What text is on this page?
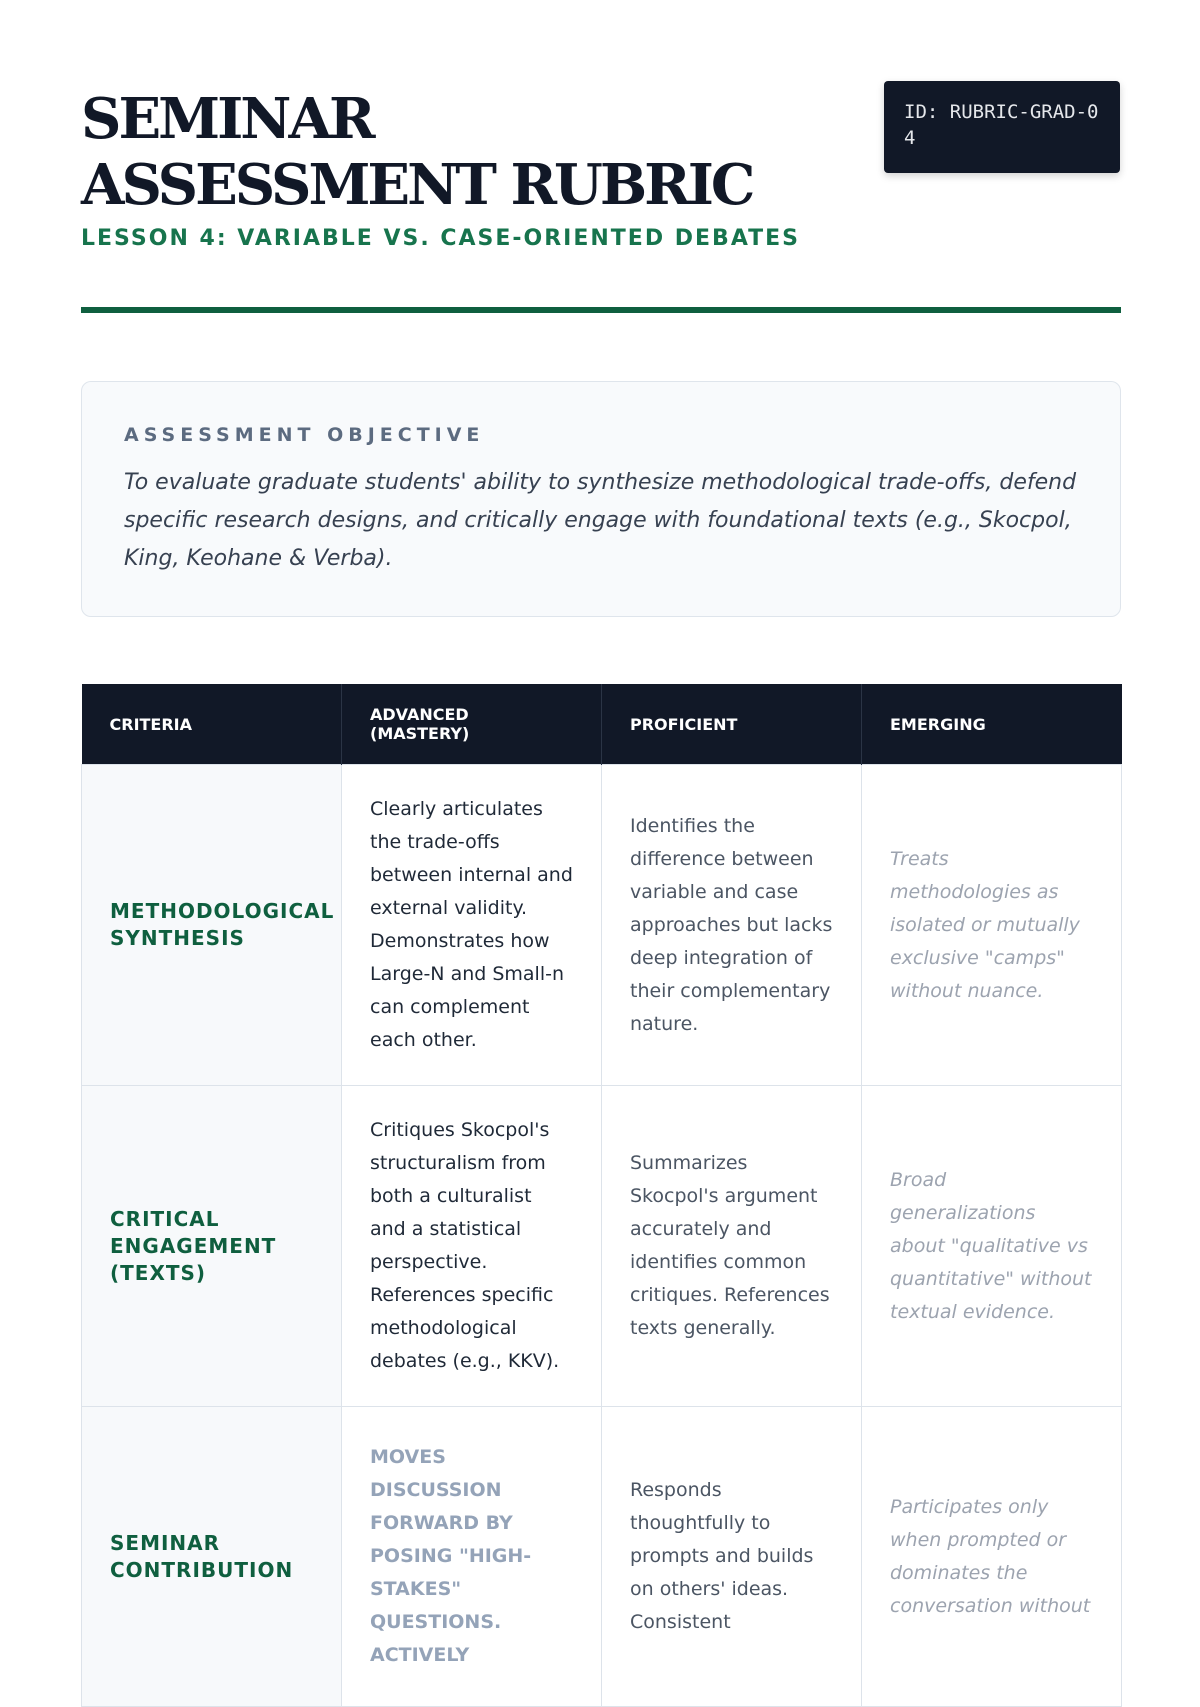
SEMINAR ASSESSMENT RUBRIC
LESSON 4: VARIABLE VS. CASE-ORIENTED DEBATES
ID: RUBRIC-GRAD-04
ASSESSMENT OBJECTIVE
To evaluate graduate students' ability to synthesize methodological trade-offs, defend specific research designs, and critically engage with foundational texts (e.g., Skocpol, King, Keohane & Verba).
CRITERIA	ADVANCED (MASTERY)	PROFICIENT	EMERGING
METHODOLOGICAL SYNTHESIS	Clearly articulates the trade-offs between internal and external validity. Demonstrates how Large-N and Small-n can complement each other.	Identifies the difference between variable and case approaches but lacks deep integration of their complementary nature.	Treats methodologies as isolated or mutually exclusive "camps" without nuance.
CRITICAL ENGAGEMENT (TEXTS)	Critiques Skocpol's structuralism from both a culturalist and a statistical perspective. References specific methodological debates (e.g., KKV).	Summarizes Skocpol's argument accurately and identifies common critiques. References texts generally.	Broad generalizations about "qualitative vs quantitative" without textual evidence.
SEMINAR CONTRIBUTION	MOVES DISCUSSION FORWARD BY POSING "HIGH-STAKES" QUESTIONS. ACTIVELY	Responds thoughtfully to prompts and builds on others' ideas. Consistent	Participates only when prompted or dominates the conversation without
